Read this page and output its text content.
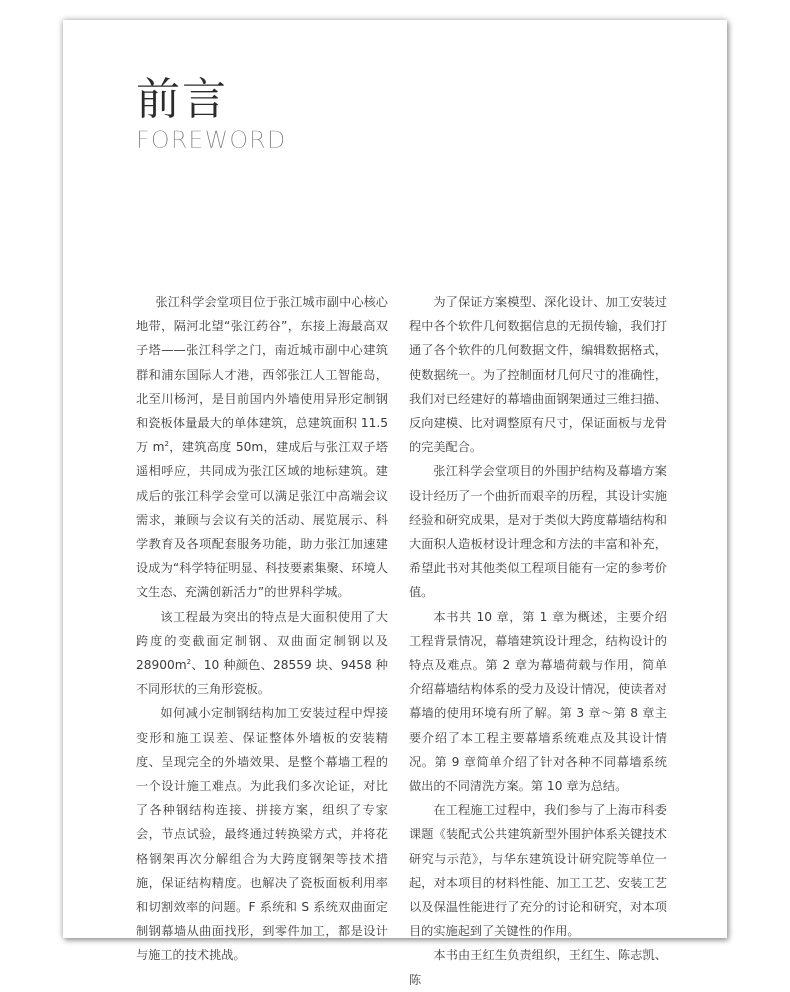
前言
FOREWORD

张江科学会堂项目位于张江城市副中心核心地带，隔河北望“张江药谷”，东接上海最高双子塔——张江科学之门，南近城市副中心建筑群和浦东国际人才港，西邻张江人工智能岛，北至川杨河，是目前国内外墙使用异形定制钢和瓷板体量最大的单体建筑，总建筑面积 11.5 万 $m^2$，建筑高度 50m，建成后与张江双子塔遥相呼应，共同成为张江区域的地标建筑。建成后的张江科学会堂可以满足张江中高端会议需求，兼顾与会议有关的活动、展览展示、科学教育及各项配套服务功能，助力张江加速建设成为“科学特征明显、科技要素集聚、环境人文生态、充满创新活力”的世界科学城。

该工程最为突出的特点是大面积使用了大跨度的变截面定制钢、双曲面定制钢以及 $28900m^2$、10 种颜色、28559 块、9458 种不同形状的三角形瓷板。

如何减小定制钢结构加工安装过程中焊接变形和施工误差、保证整体外墙板的安装精度、呈现完全的外墙效果、是整个幕墙工程的一个设计施工难点。为此我们多次论证，对比了各种钢结构连接、拼接方案，组织了专家会，节点试验，最终通过转换梁方式，并将花格钢架再次分解组合为大跨度钢架等技术措施，保证结构精度。也解决了瓷板面板利用率和切割效率的问题。F 系统和 S 系统双曲面定制钢幕墙从曲面找形，到零件加工，都是设计与施工的技术挑战。

为了保证方案模型、深化设计、加工安装过程中各个软件几何数据信息的无损传输，我们打通了各个软件的几何数据文件，编辑数据格式，使数据统一。为了控制面材几何尺寸的准确性，我们对已经建好的幕墙曲面钢架通过三维扫描、反向建模、比对调整原有尺寸，保证面板与龙骨的完美配合。

张江科学会堂项目的外围护结构及幕墙方案设计经历了一个曲折而艰辛的历程，其设计实施经验和研究成果，是对于类似大跨度幕墙结构和大面积人造板材设计理念和方法的丰富和补充，希望此书对其他类似工程项目能有一定的参考价值。

本书共 10 章，第 1 章为概述，主要介绍工程背景情况，幕墙建筑设计理念，结构设计的特点及难点。第 2 章为幕墙荷载与作用，简单介绍幕墙结构体系的受力及设计情况，使读者对幕墙的使用环境有所了解。第 3 章～第 8 章主要介绍了本工程主要幕墙系统难点及其设计情况。第 9 章简单介绍了针对各种不同幕墙系统做出的不同清洗方案。第 10 章为总结。

在工程施工过程中，我们参与了上海市科委课题《装配式公共建筑新型外围护体系关键技术研究与示范》，与华东建筑设计研究院等单位一起，对本项目的材料性能、加工工艺、安装工艺以及保温性能进行了充分的讨论和研究，对本项目的实施起到了关键性的作用。

本书由王红生负责组织，王红生、陈志凯、陈
